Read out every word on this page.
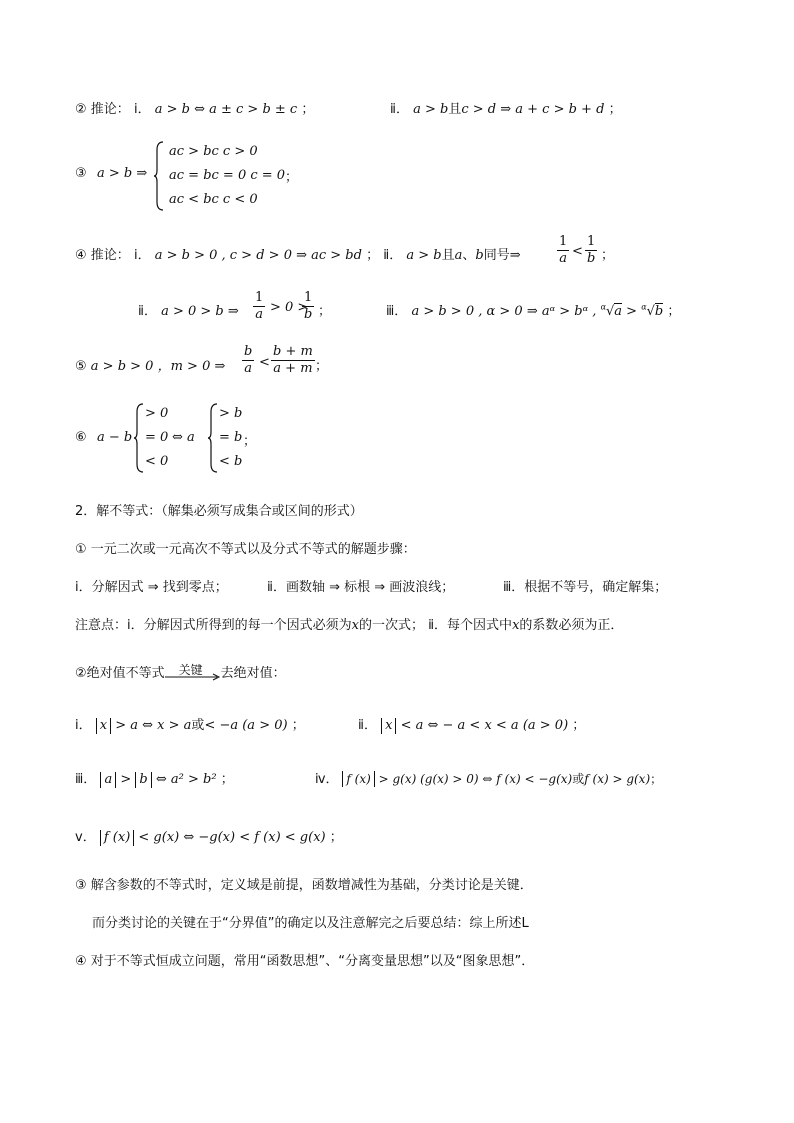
② 推论： ⅰ． a > b ⇔ a ± c > b ± c ；	ⅱ． a > b且c > d ⇒ a + c > b + d ；
③ a > b ⇒
ac > bc c > 0
ac = bc = 0 c = 0
ac < bc c < 0
；
④ 推论： ⅰ． a > b > 0 , c > d > 0 ⇒ ac > bd ； ⅱ． a > b且a、b同号⇒	$\frac{1}{a} < \frac{1}{b}$ ；
ⅱ． a > 0 > b ⇒ $\frac{1}{a} > 0$ >
$\frac{1}{b}$ ；	ⅲ． a > b > 0 , α > 0 ⇒ aᵅ > bᵅ , $^\alpha$√a > $^\alpha$√b ；
⑤ a > b > 0 ，m > 0 ⇒ $\frac{b}{a} < \frac{b + m}{a + m}$ ；
⑥ a − b
> 0
= 0
< 0
⇔ a
> b
= b
< b
；
2．解不等式：（解集必须写成集合或区间的形式）
① 一元二次或一元高次不等式以及分式不等式的解题步骤：
ⅰ．分解因式 ⇒ 找到零点；	ⅱ．画数轴 ⇒ 标根 ⇒ 画波浪线；	ⅲ．根据不等号，确定解集；
注意点：ⅰ．分解因式所得到的每一个因式必须为x的一次式； ⅱ．每个因式中x的系数必须为正．
②绝对值不等式 关键 去绝对值：
ⅰ． x > a ⇔ x > a或< −a (a > 0) ；	ⅱ． x < a ⇔ − a < x < a (a > 0) ；
ⅲ． a > b ⇔ a² > b² ；	ⅳ． f (x) > g(x) (g(x) > 0) ⇔ f (x) < −g(x)或f (x) > g(x)；
ⅴ． f (x) < g(x) ⇔ −g(x) < f (x) < g(x) ；
③ 解含参数的不等式时，定义域是前提，函数增减性为基础，分类讨论是关键．
而分类讨论的关键在于“分界值”的确定以及注意解完之后要总结：综上所述L
④ 对于不等式恒成立问题，常用“函数思想”、“分离变量思想”以及“图象思想”．
